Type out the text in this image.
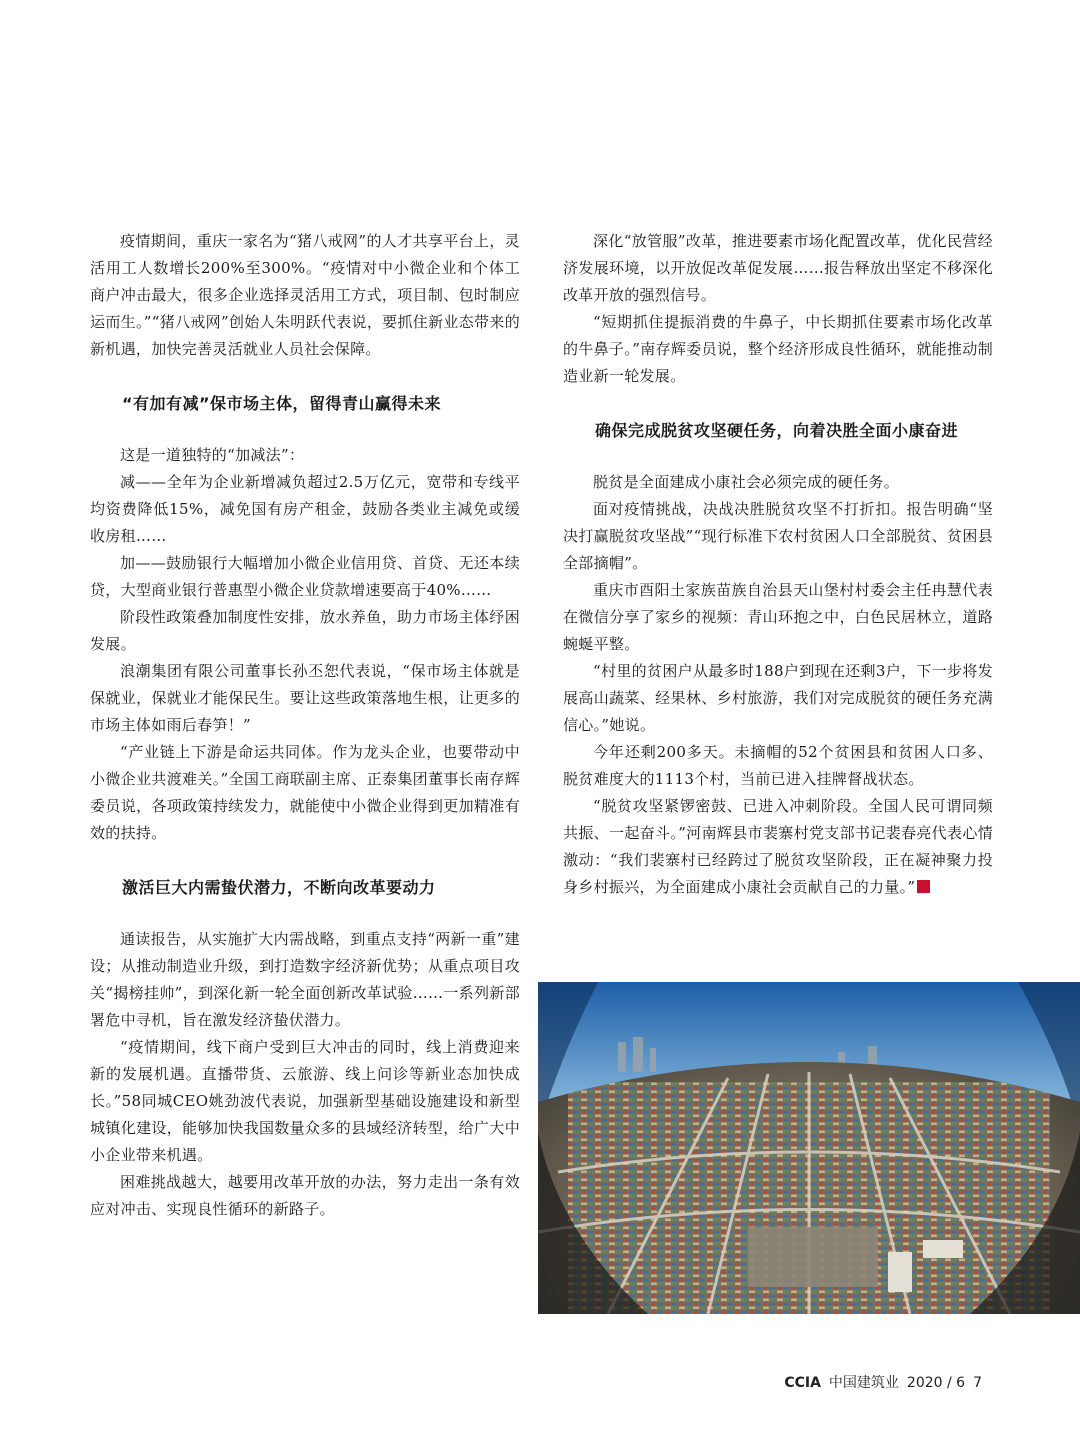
疫情期间，重庆一家名为“猪八戒网”的人才共享平台上，灵活用工人数增长200%至300%。“疫情对中小微企业和个体工商户冲击最大，很多企业选择灵活用工方式，项目制、包时制应运而生。”“猪八戒网”创始人朱明跃代表说，要抓住新业态带来的新机遇，加快完善灵活就业人员社会保障。

“有加有减”保市场主体，留得青山赢得未来

这是一道独特的“加减法”：

减——全年为企业新增减负超过2.5万亿元，宽带和专线平均资费降低15%，减免国有房产租金，鼓励各类业主减免或缓收房租……

加——鼓励银行大幅增加小微企业信用贷、首贷、无还本续贷，大型商业银行普惠型小微企业贷款增速要高于40%……

阶段性政策叠加制度性安排，放水养鱼，助力市场主体纾困发展。

浪潮集团有限公司董事长孙丕恕代表说，“保市场主体就是保就业，保就业才能保民生。要让这些政策落地生根，让更多的市场主体如雨后春笋！”

“产业链上下游是命运共同体。作为龙头企业，也要带动中小微企业共渡难关。”全国工商联副主席、正泰集团董事长南存辉委员说，各项政策持续发力，就能使中小微企业得到更加精准有效的扶持。

激活巨大内需蛰伏潜力，不断向改革要动力

通读报告，从实施扩大内需战略，到重点支持“两新一重”建设；从推动制造业升级，到打造数字经济新优势；从重点项目攻关“揭榜挂帅”，到深化新一轮全面创新改革试验……一系列新部署危中寻机，旨在激发经济蛰伏潜力。

“疫情期间，线下商户受到巨大冲击的同时，线上消费迎来新的发展机遇。直播带货、云旅游、线上问诊等新业态加快成长。”58同城CEO姚劲波代表说，加强新型基础设施建设和新型城镇化建设，能够加快我国数量众多的县域经济转型，给广大中小企业带来机遇。

困难挑战越大，越要用改革开放的办法，努力走出一条有效应对冲击、实现良性循环的新路子。

深化“放管服”改革，推进要素市场化配置改革，优化民营经济发展环境，以开放促改革促发展……报告释放出坚定不移深化改革开放的强烈信号。

“短期抓住提振消费的牛鼻子，中长期抓住要素市场化改革的牛鼻子。”南存辉委员说，整个经济形成良性循环，就能推动制造业新一轮发展。

确保完成脱贫攻坚硬任务，向着决胜全面小康奋进

脱贫是全面建成小康社会必须完成的硬任务。

面对疫情挑战，决战决胜脱贫攻坚不打折扣。报告明确“坚决打赢脱贫攻坚战”“现行标准下农村贫困人口全部脱贫、贫困县全部摘帽”。

重庆市酉阳土家族苗族自治县天山堡村村委会主任冉慧代表在微信分享了家乡的视频：青山环抱之中，白色民居林立，道路蜿蜒平整。

“村里的贫困户从最多时188户到现在还剩3户，下一步将发展高山蔬菜、经果林、乡村旅游，我们对完成脱贫的硬任务充满信心。”她说。

今年还剩200多天。未摘帽的52个贫困县和贫困人口多、脱贫难度大的1113个村，当前已进入挂牌督战状态。

“脱贫攻坚紧锣密鼓、已进入冲刺阶段。全国人民可谓同频共振、一起奋斗。”河南辉县市裴寨村党支部书记裴春亮代表心情激动：“我们裴寨村已经跨过了脱贫攻坚阶段，正在凝神聚力投身乡村振兴，为全面建成小康社会贡献自己的力量。”

CCIA 中国建筑业 2020 / 6 7
